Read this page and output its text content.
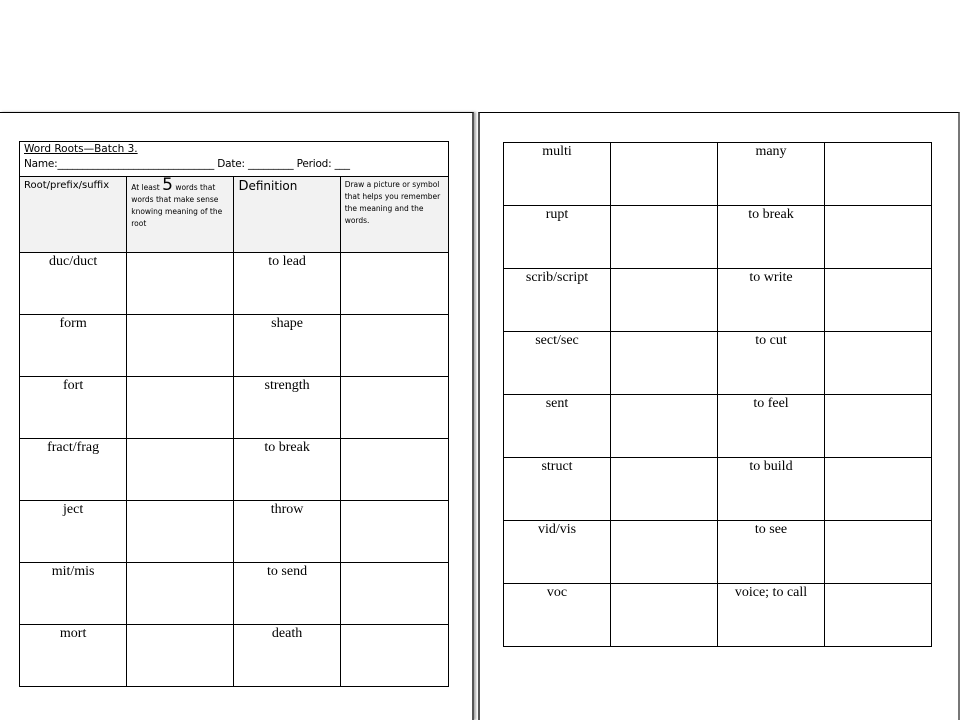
Word Roots—Batch 3.
Name:_______________________________ Date: _________ Period: ___			

Root/prefix/suffix	At least 5 words that words that make sense knowing meaning of the root	Definition	Draw a picture or symbol that helps you remember the meaning and the words.
duc/duct		to lead	
form		shape	
fort		strength	
fract/frag		to break	
ject		throw	
mit/mis		to send	
mort		death	
multi		many	
rupt		to break	
scrib/script		to write	
sect/sec		to cut	
sent		to feel	
struct		to build	
vid/vis		to see	
voc		voice; to call	
